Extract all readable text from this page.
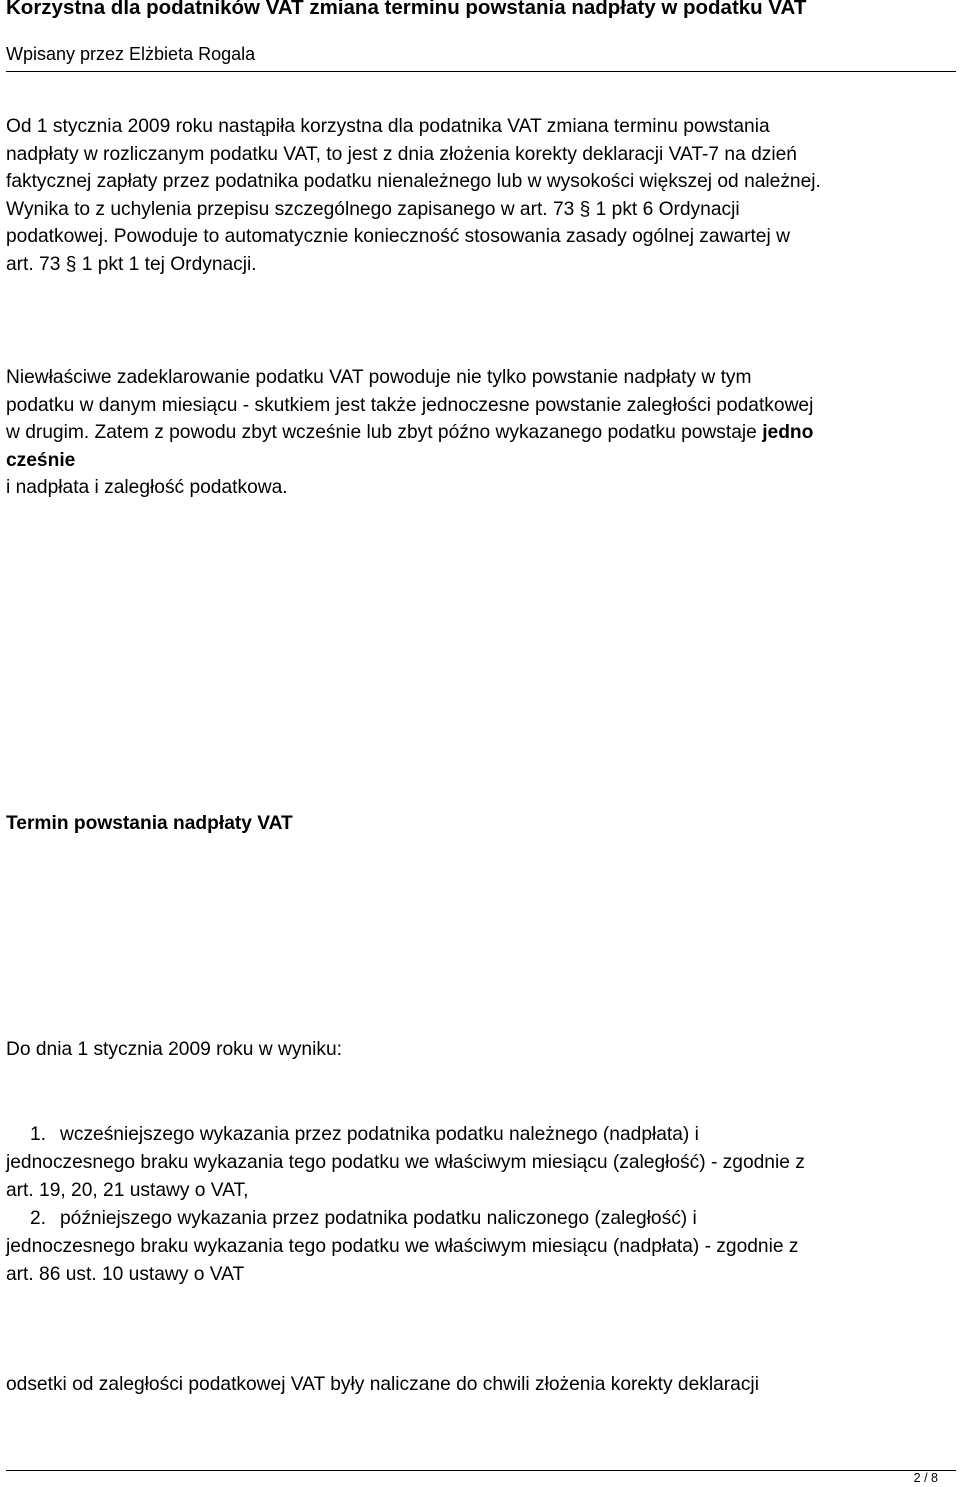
Korzystna dla podatników VAT zmiana terminu powstania nadpłaty w podatku VAT
Wpisany przez Elżbieta Rogala

Od 1 stycznia 2009 roku nastąpiła korzystna dla podatnika VAT zmiana terminu powstania
nadpłaty w rozliczanym podatku VAT, to jest z dnia złożenia korekty deklaracji VAT-7 na dzień
faktycznej zapłaty przez podatnika podatku nienależnego lub w wysokości większej od należnej.
Wynika to z uchylenia przepisu szczególnego zapisanego w art. 73 § 1 pkt 6 Ordynacji
podatkowej. Powoduje to automatycznie konieczność stosowania zasady ogólnej zawartej w
art. 73 § 1 pkt 1 tej Ordynacji.

Niewłaściwe zadeklarowanie podatku VAT powoduje nie tylko powstanie nadpłaty w tym
podatku w danym miesiącu - skutkiem jest także jednoczesne powstanie zaległości podatkowej
w drugim. Zatem z powodu zbyt wcześnie lub zbyt późno wykazanego podatku powstaje jedno
cześnie
i nadpłata i zaległość podatkowa.

Termin powstania nadpłaty VAT
Do dnia 1 stycznia 2009 roku w wyniku:
1. wcześniejszego wykazania przez podatnika podatku należnego (nadpłata) i
jednoczesnego braku wykazania tego podatku we właściwym miesiącu (zaległość) - zgodnie z
art. 19, 20, 21 ustawy o VAT,
2. późniejszego wykazania przez podatnika podatku naliczonego (zaległość) i
jednoczesnego braku wykazania tego podatku we właściwym miesiącu (nadpłata) - zgodnie z
art. 86 ust. 10 ustawy o VAT
odsetki od zaległości podatkowej VAT były naliczane do chwili złożenia korekty deklaracji
2 / 8
